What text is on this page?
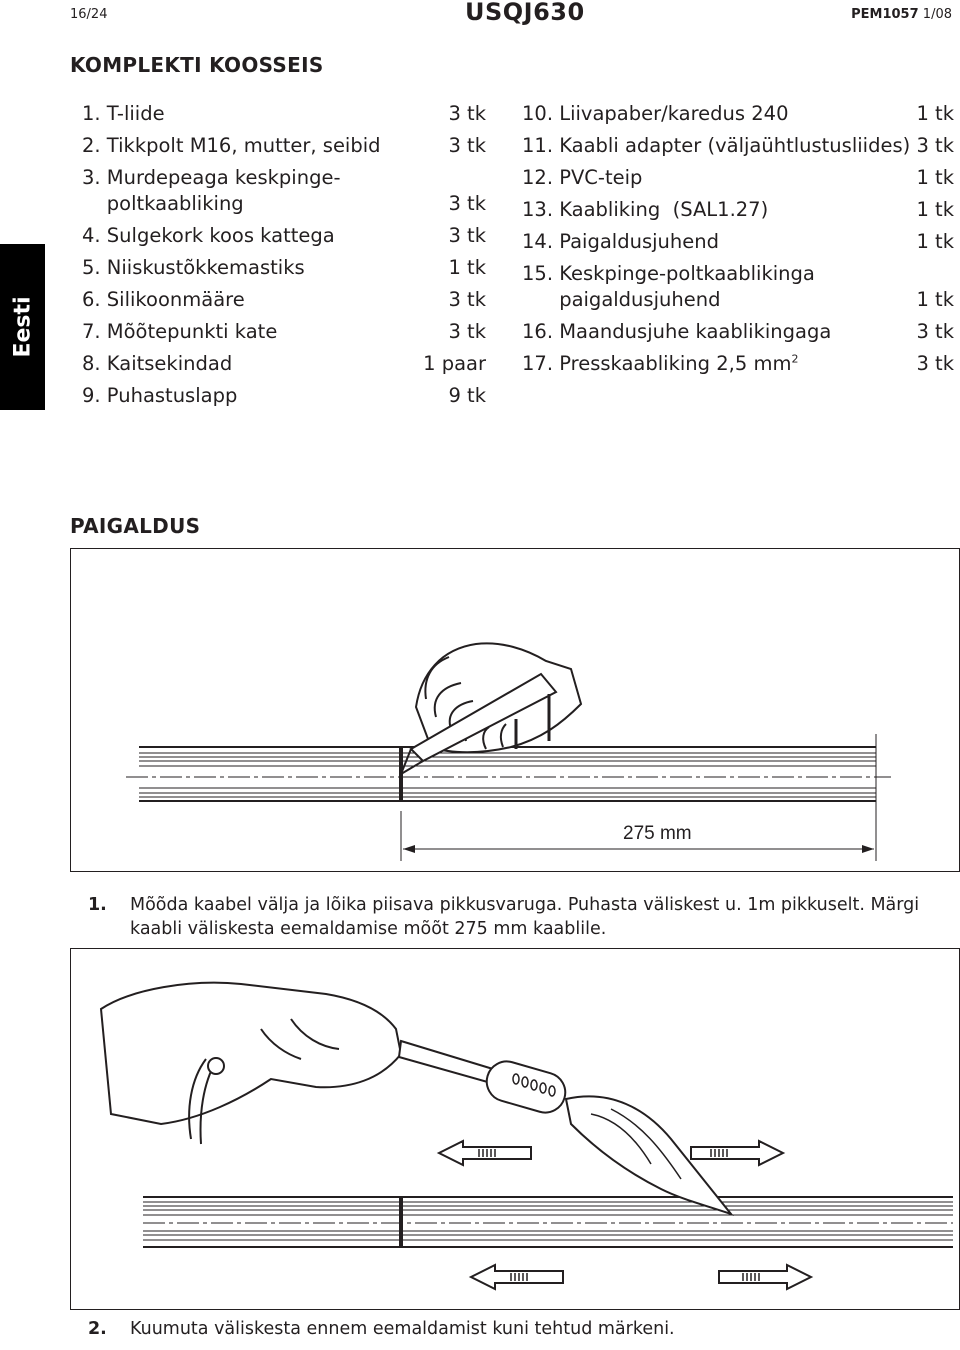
16/24	USQJ630	PEM1057 1/08
Eesti
KOMPLEKTI KOOSSEIS
1. T-liide	3 tk
2. Tikkpolt M16, mutter, seibid	3 tk
3. Murdepeaga keskpinge-
poltkaabliking	3 tk
4. Sulgekork koos kattega	3 tk
5. Niiskustõkkemastiks	1 tk
6. Silikoonmääre	3 tk
7. Mõõtepunkti kate	3 tk
8. Kaitsekindad	1 paar
9. Puhastuslapp	9 tk
10. Liivapaber/karedus 240	1 tk
11. Kaabli adapter (väljaühtlustusliides) 3 tk
12. PVC-teip	1 tk
13. Kaabliking  (SAL1.27)	1 tk
14. Paigaldusjuhend	1 tk
15. Keskpinge-poltkaablikinga
paigaldusjuhend	1 tk
16. Maandusjuhe kaablikingaga	3 tk
17. Presskaabliking 2,5 $mm^2$	3 tk
PAIGALDUS
275 mm
1. Mõõda kaabel välja ja lõika piisava pikkusvaruga. Puhasta väliskest u. 1m pikkuselt. Märgi kaabli väliskesta eemaldamise mõõt 275 mm kaablile.
2. Kuumuta väliskesta ennem eemaldamist kuni tehtud märkeni.
